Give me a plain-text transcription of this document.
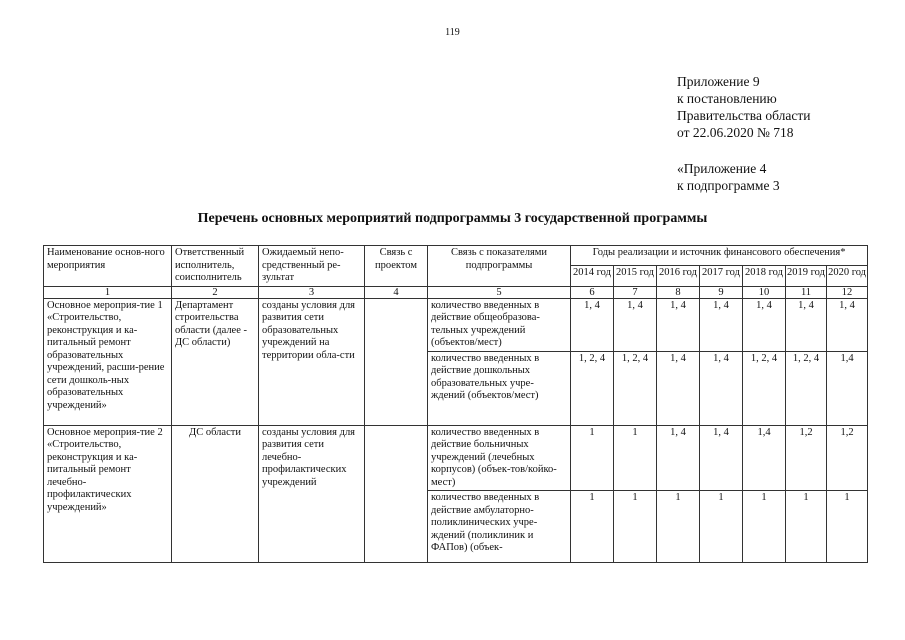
119
Приложение 9
к постановлению
Правительства области
от 22.06.2020 № 718
«Приложение 4
к подпрограмме 3
Перечень основных мероприятий подпрограммы 3 государственной программы
Наименование основ-ного мероприятия	Ответственный исполнитель, соисполнитель	Ожидаемый непо-средственный ре-зультат	Связь с проектом	Связь с показателями подпрограммы	Годы реализации и источник финансового обеспечения*						
					2014 год	2015 год	2016 год	2017 год	2018 год	2019 год	2020 год
1	2	3	4	5	6	7	8	9	10	11	12
Основное мероприя-тие 1 «Строительство, реконструкция и ка-питальный ремонт образовательных учреждений, расши-рение сети дошколь-ных образовательных учреждений»	Департамент строительства области (далее - ДС области)	созданы условия для развития сети образовательных учреждений на территории обла-сти		количество введенных в действие общеобразова-тельных учреждений (объектов/мест)	1, 4	1, 4	1, 4	1, 4	1, 4	1, 4	1, 4
				количество введенных в действие дошкольных образовательных учре-ждений (объектов/мест)	1, 2, 4	1, 2, 4	1, 4	1, 4	1, 2, 4	1, 2, 4	1,4
Основное мероприя-тие 2 «Строительство, реконструкция и ка-питальный ремонт лечебно-профилактических учреждений»	ДС области	созданы условия для развития сети лечебно-профилактических учреждений		количество введенных в действие больничных учреждений (лечебных корпусов) (объек-тов/койко-мест)	1	1	1, 4	1, 4	1,4	1,2	1,2
				количество введенных в действие амбулаторно-поликлинических учре-ждений (поликлиник и ФАПов) (объек-	1	1	1	1	1	1	1
